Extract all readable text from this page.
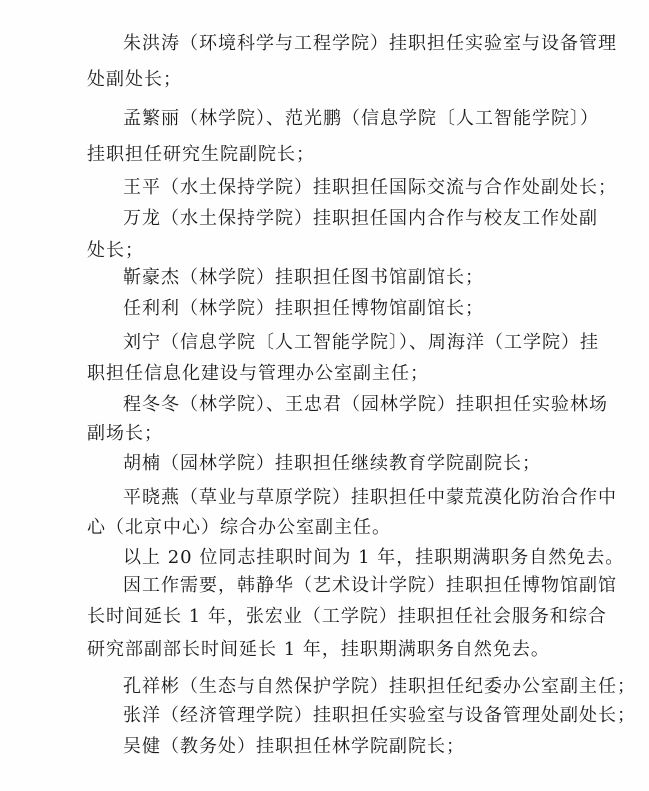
朱洪涛（环境科学与工程学院）挂职担任实验室与设备管理
处副处长；
孟繁丽（林学院）、范光鹏（信息学院〔人工智能学院〕）
挂职担任研究生院副院长；
王平（水土保持学院）挂职担任国际交流与合作处副处长；
万龙（水土保持学院）挂职担任国内合作与校友工作处副
处长；
靳豪杰（林学院）挂职担任图书馆副馆长；
任利利（林学院）挂职担任博物馆副馆长；
刘宁（信息学院〔人工智能学院〕）、周海洋（工学院）挂
职担任信息化建设与管理办公室副主任；
程冬冬（林学院）、王忠君（园林学院）挂职担任实验林场
副场长；
胡楠（园林学院）挂职担任继续教育学院副院长；
平晓燕（草业与草原学院）挂职担任中蒙荒漠化防治合作中
心（北京中心）综合办公室副主任。
以上 20 位同志挂职时间为 1 年，挂职期满职务自然免去。
因工作需要，韩静华（艺术设计学院）挂职担任博物馆副馆
长时间延长 1 年，张宏业（工学院）挂职担任社会服务和综合
研究部副部长时间延长 1 年，挂职期满职务自然免去。
孔祥彬（生态与自然保护学院）挂职担任纪委办公室副主任；
张洋（经济管理学院）挂职担任实验室与设备管理处副处长；
吴健（教务处）挂职担任林学院副院长；
